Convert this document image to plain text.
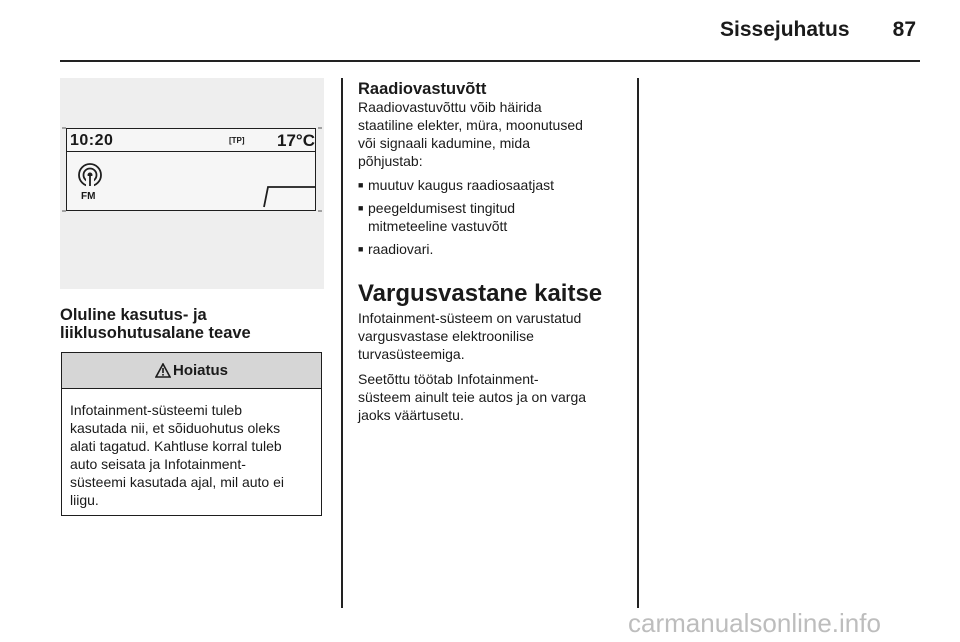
Sissejuhatus	87
10:20	[TP] 17°C
FM
Oluline kasutus- ja
liiklusohutusalane teave
Hoiatus
Infotainment-süsteemi tuleb
kasutada nii, et sõiduohutus oleks
alati tagatud. Kahtluse korral tuleb
auto seisata ja Infotainment-
süsteemi kasutada ajal, mil auto ei
liigu.
Raadiovastuvõtt
Raadiovastuvõttu võib häirida
staatiline elekter, müra, moonutused
või signaali kadumine, mida
põhjustab:
■ muutuv kaugus raadiosaatjast
■ peegeldumisest tingitud
mitmeteeline vastuvõtt
■ raadiovari.
Vargusvastane kaitse
Infotainment-süsteem on varustatud
vargusvastase elektroonilise
turvasüsteemiga.
Seetõttu töötab Infotainment-
süsteem ainult teie autos ja on varga
jaoks väärtusetu.
carmanualsonline.info
